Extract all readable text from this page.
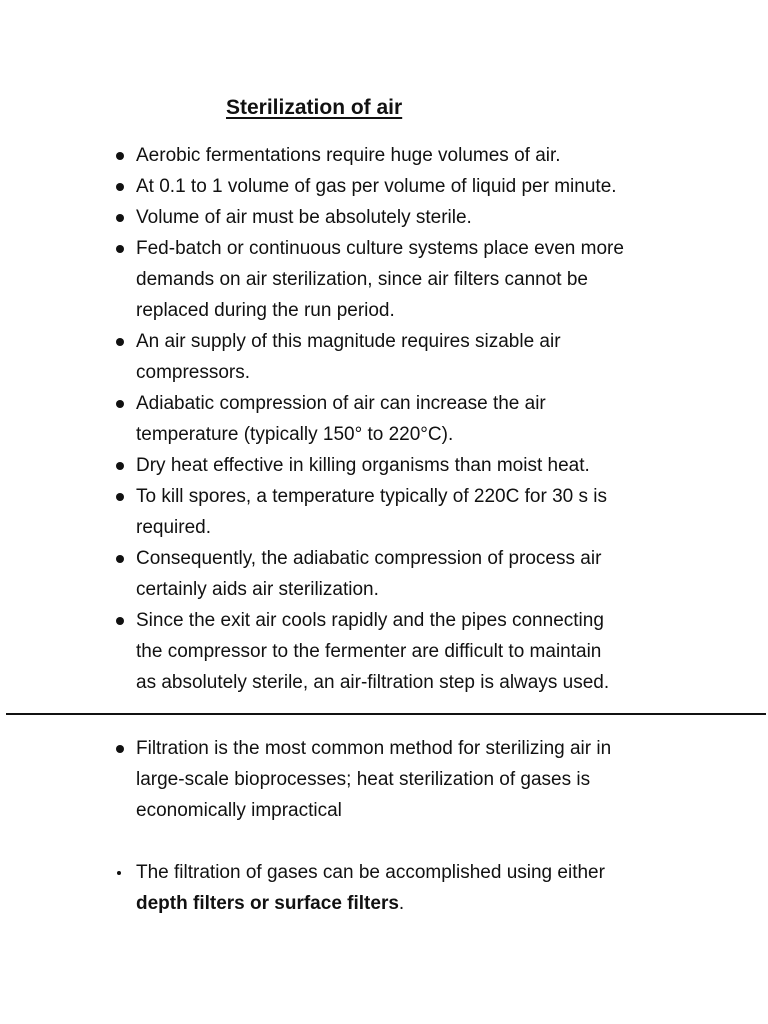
Sterilization of air
Aerobic fermentations require huge volumes of air.
At 0.1 to 1 volume of gas per volume of liquid per minute.
Volume of air must be absolutely sterile.
Fed-batch or continuous culture systems place even more
demands on air sterilization, since air filters cannot be
replaced during the run period.
An air supply of this magnitude requires sizable air
compressors.
Adiabatic compression of air can increase the air
temperature (typically 150° to 220°C).
Dry heat effective in killing organisms than moist heat.
To kill spores, a temperature typically of 220C for 30 s is
required.
Consequently, the adiabatic compression of process air
certainly aids air sterilization.
Since the exit air cools rapidly and the pipes connecting
the compressor to the fermenter are difficult to maintain
as absolutely sterile, an air-filtration step is always used.
Filtration is the most common method for sterilizing air in
large-scale bioprocesses; heat sterilization of gases is
economically impractical
The filtration of gases can be accomplished using either
depth filters or surface filters.
